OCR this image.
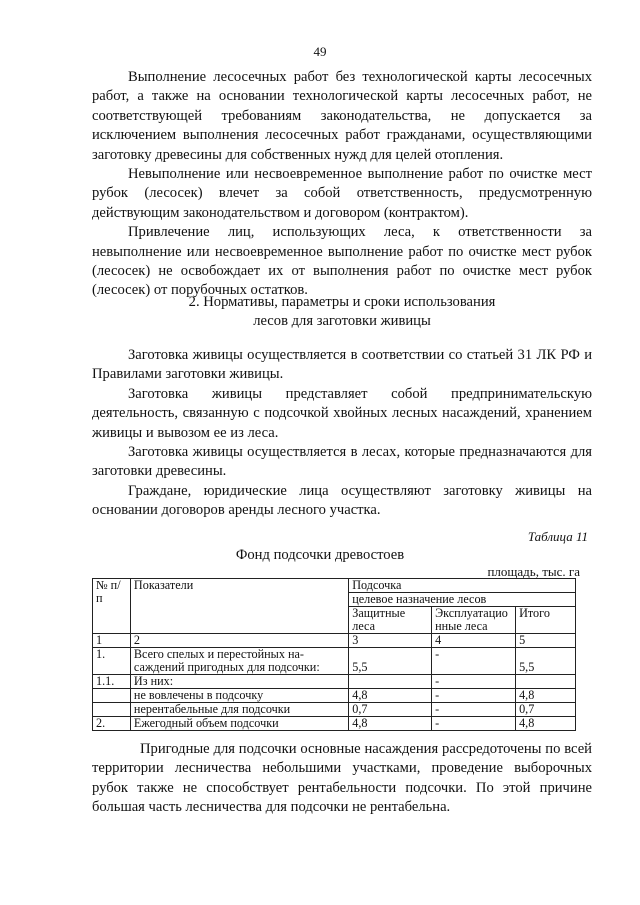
49

Выполнение лесосечных работ без технологической карты лесосечных работ, а также на основании технологической карты лесосечных работ, не соответствующей требованиям законодательства, не допускается за исключением выполнения лесосечных работ гражданами, осуществляющими заготовку древесины для собственных нужд для целей отопления.

Невыполнение или несвоевременное выполнение работ по очистке мест рубок (лесосек) влечет за собой ответственность, предусмотренную действующим законодательством и договором (контрактом).

Привлечение лиц, использующих леса, к ответственности за невыполнение или несвоевременное выполнение работ по очистке мест рубок (лесосек) не освобождает их от выполнения работ по очистке мест рубок (лесосек) от порубочных остатков.

2. Нормативы, параметры и сроки использования
лесов для заготовки живицы

Заготовка живицы осуществляется в соответствии со статьей 31 ЛК РФ и Правилами заготовки живицы.

Заготовка живицы представляет собой предпринимательскую деятельность, связанную с подсочкой хвойных лесных насаждений, хранением живицы и вывозом ее из леса.

Заготовка живицы осуществляется в лесах, которые предназначаются для заготовки древесины.

Граждане, юридические лица осуществляют заготовку живицы на основании договоров аренды лесного участка.

Таблица 11
Фонд подсочки древостоев
площадь, тыс. га
№ п/п	Показатели	Подсочка		
		целевое назначение лесов		
		Защитные леса	Эксплуатацио нные леса	Итого
1	2	3	4	5
1.	Всего спелых и перестойных на-саждений пригодных для подсочки:	5,5	-	5,5
1.1.	Из них:		-	
	не вовлечены в подсочку	4,8	-	4,8
	нерентабельные для подсочки	0,7	-	0,7
2.	Ежегодный объем подсочки	4,8	-	4,8

Пригодные для подсочки основные насаждения рассредоточены по всей территории лесничества небольшими участками, проведение выборочных рубок также не способствует рентабельности подсочки. По этой причине большая часть лесничества для подсочки не рентабельна.
